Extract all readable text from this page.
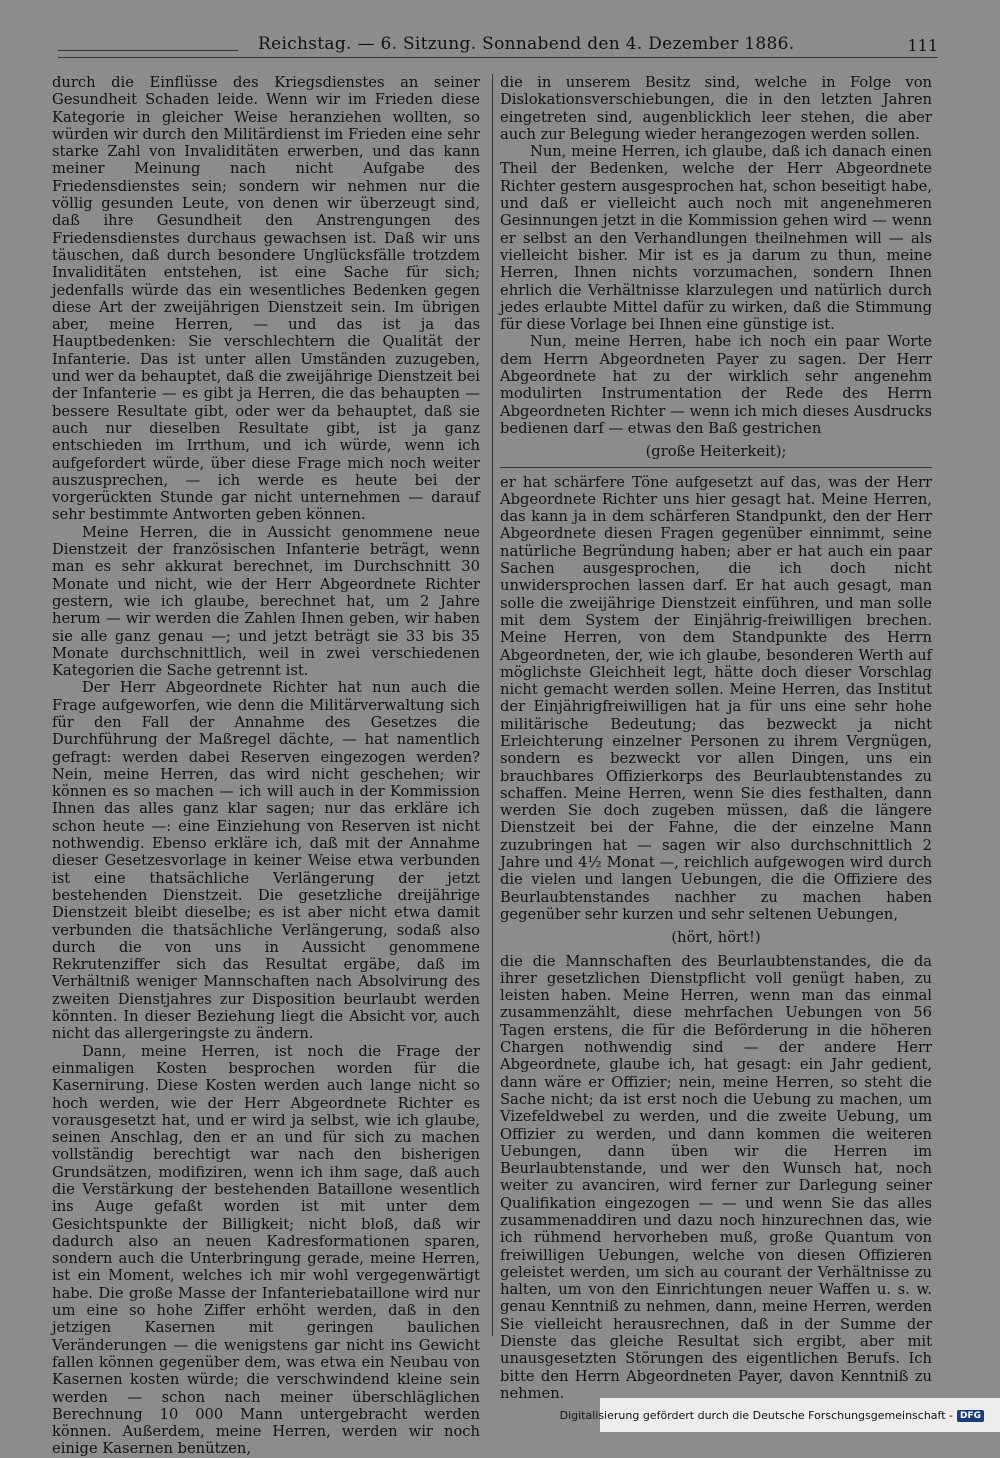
Reichstag. — 6. Sitzung. Sonnabend den 4. Dezember 1886.	111

durch die Einflüsse des Kriegsdienstes an seiner Gesundheit Schaden leide. Wenn wir im Frieden diese Kategorie in gleicher Weise heranziehen wollten, so würden wir durch den Militärdienst im Frieden eine sehr starke Zahl von Invaliditäten erwerben, und das kann meiner Meinung nach nicht Aufgabe des Friedensdienstes sein; sondern wir nehmen nur die völlig gesunden Leute, von denen wir überzeugt sind, daß ihre Gesundheit den Anstrengungen des Friedensdienstes durchaus gewachsen ist. Daß wir uns täuschen, daß durch besondere Unglücksfälle trotzdem Invaliditäten entstehen, ist eine Sache für sich; jedenfalls würde das ein wesentliches Bedenken gegen diese Art der zweijährigen Dienstzeit sein. Im übrigen aber, meine Herren, — und das ist ja das Hauptbedenken: Sie verschlechtern die Qualität der Infanterie. Das ist unter allen Umständen zuzugeben, und wer da behauptet, daß die zweijährige Dienstzeit bei der Infanterie — es gibt ja Herren, die das behaupten — bessere Resultate gibt, oder wer da behauptet, daß sie auch nur dieselben Resultate gibt, ist ja ganz entschieden im Irrthum, und ich würde, wenn ich aufgefordert würde, über diese Frage mich noch weiter auszusprechen, — ich werde es heute bei der vorgerückten Stunde gar nicht unternehmen — darauf sehr bestimmte Antworten geben können.

Meine Herren, die in Aussicht genommene neue Dienstzeit der französischen Infanterie beträgt, wenn man es sehr akkurat berechnet, im Durchschnitt 30 Monate und nicht, wie der Herr Abgeordnete Richter gestern, wie ich glaube, berechnet hat, um 2 Jahre herum — wir werden die Zahlen Ihnen geben, wir haben sie alle ganz genau —; und jetzt beträgt sie 33 bis 35 Monate durchschnittlich, weil in zwei verschiedenen Kategorien die Sache getrennt ist.

Der Herr Abgeordnete Richter hat nun auch die Frage aufgeworfen, wie denn die Militärverwaltung sich für den Fall der Annahme des Gesetzes die Durchführung der Maßregel dächte, — hat namentlich gefragt: werden dabei Reserven eingezogen werden? Nein, meine Herren, das wird nicht geschehen; wir können es so machen — ich will auch in der Kommission Ihnen das alles ganz klar sagen; nur das erkläre ich schon heute —: eine Einziehung von Reserven ist nicht nothwendig. Ebenso erkläre ich, daß mit der Annahme dieser Gesetzesvorlage in keiner Weise etwa verbunden ist eine thatsächliche Verlängerung der jetzt bestehenden Dienstzeit. Die gesetzliche dreijährige Dienstzeit bleibt dieselbe; es ist aber nicht etwa damit verbunden die thatsächliche Verlängerung, sodaß also durch die von uns in Aussicht genommene Rekrutenziffer sich das Resultat ergäbe, daß im Verhältniß weniger Mannschaften nach Absolvirung des zweiten Dienstjahres zur Disposition beurlaubt werden könnten. In dieser Beziehung liegt die Absicht vor, auch nicht das allergeringste zu ändern.

Dann, meine Herren, ist noch die Frage der einmaligen Kosten besprochen worden für die Kasernirung. Diese Kosten werden auch lange nicht so hoch werden, wie der Herr Abgeordnete Richter es vorausgesetzt hat, und er wird ja selbst, wie ich glaube, seinen Anschlag, den er an und für sich zu machen vollständig berechtigt war nach den bisherigen Grundsätzen, modifiziren, wenn ich ihm sage, daß auch die Verstärkung der bestehenden Bataillone wesentlich ins Auge gefaßt worden ist mit unter dem Gesichtspunkte der Billigkeit; nicht bloß, daß wir dadurch also an neuen Kadresformationen sparen, sondern auch die Unterbringung gerade, meine Herren, ist ein Moment, welches ich mir wohl vergegenwärtigt habe. Die große Masse der Infanteriebataillone wird nur um eine so hohe Ziffer erhöht werden, daß in den jetzigen Kasernen mit geringen baulichen Veränderungen — die wenigstens gar nicht ins Gewicht fallen können gegenüber dem, was etwa ein Neubau von Kasernen kosten würde; die verschwindend kleine sein werden — schon nach meiner überschläglichen Berechnung 10 000 Mann untergebracht werden können. Außerdem, meine Herren, werden wir noch einige Kasernen benützen,

die in unserem Besitz sind, welche in Folge von Dislokationsverschiebungen, die in den letzten Jahren eingetreten sind, augenblicklich leer stehen, die aber auch zur Belegung wieder herangezogen werden sollen.

Nun, meine Herren, ich glaube, daß ich danach einen Theil der Bedenken, welche der Herr Abgeordnete Richter gestern ausgesprochen hat, schon beseitigt habe, und daß er vielleicht auch noch mit angenehmeren Gesinnungen jetzt in die Kommission gehen wird — wenn er selbst an den Verhandlungen theilnehmen will — als vielleicht bisher. Mir ist es ja darum zu thun, meine Herren, Ihnen nichts vorzumachen, sondern Ihnen ehrlich die Verhältnisse klarzulegen und natürlich durch jedes erlaubte Mittel dafür zu wirken, daß die Stimmung für diese Vorlage bei Ihnen eine günstige ist.

Nun, meine Herren, habe ich noch ein paar Worte dem Herrn Abgeordneten Payer zu sagen. Der Herr Abgeordnete hat zu der wirklich sehr angenehm modulirten Instrumentation der Rede des Herrn Abgeordneten Richter — wenn ich mich dieses Ausdrucks bedienen darf — etwas den Baß gestrichen

(große Heiterkeit);

er hat schärfere Töne aufgesetzt auf das, was der Herr Abgeordnete Richter uns hier gesagt hat. Meine Herren, das kann ja in dem schärferen Standpunkt, den der Herr Abgeordnete diesen Fragen gegenüber einnimmt, seine natürliche Begründung haben; aber er hat auch ein paar Sachen ausgesprochen, die ich doch nicht unwidersprochen lassen darf. Er hat auch gesagt, man solle die zweijährige Dienstzeit einführen, und man solle mit dem System der Einjährig-freiwilligen brechen. Meine Herren, von dem Standpunkte des Herrn Abgeordneten, der, wie ich glaube, besonderen Werth auf möglichste Gleichheit legt, hätte doch dieser Vorschlag nicht gemacht werden sollen. Meine Herren, das Institut der Einjährigfreiwilligen hat ja für uns eine sehr hohe militärische Bedeutung; das bezweckt ja nicht Erleichterung einzelner Personen zu ihrem Vergnügen, sondern es bezweckt vor allen Dingen, uns ein brauchbares Offizierkorps des Beurlaubtenstandes zu schaffen. Meine Herren, wenn Sie dies festhalten, dann werden Sie doch zugeben müssen, daß die längere Dienstzeit bei der Fahne, die der einzelne Mann zuzubringen hat — sagen wir also durchschnittlich 2 Jahre und 4½ Monat —, reichlich aufgewogen wird durch die vielen und langen Uebungen, die die Offiziere des Beurlaubtenstandes nachher zu machen haben gegenüber sehr kurzen und sehr seltenen Uebungen,

(hört, hört!)

die die Mannschaften des Beurlaubtenstandes, die da ihrer gesetzlichen Dienstpflicht voll genügt haben, zu leisten haben. Meine Herren, wenn man das einmal zusammenzählt, diese mehrfachen Uebungen von 56 Tagen erstens, die für die Beförderung in die höheren Chargen nothwendig sind — der andere Herr Abgeordnete, glaube ich, hat gesagt: ein Jahr gedient, dann wäre er Offizier; nein, meine Herren, so steht die Sache nicht; da ist erst noch die Uebung zu machen, um Vizefeldwebel zu werden, und die zweite Uebung, um Offizier zu werden, und dann kommen die weiteren Uebungen, dann üben wir die Herren im Beurlaubtenstande, und wer den Wunsch hat, noch weiter zu avanciren, wird ferner zur Darlegung seiner Qualifikation eingezogen — — und wenn Sie das alles zusammenaddiren und dazu noch hinzurechnen das, wie ich rühmend hervorheben muß, große Quantum von freiwilligen Uebungen, welche von diesen Offizieren geleistet werden, um sich au courant der Verhältnisse zu halten, um von den Einrichtungen neuer Waffen u. s. w. genau Kenntniß zu nehmen, dann, meine Herren, werden Sie vielleicht herausrechnen, daß in der Summe der Dienste das gleiche Resultat sich ergibt, aber mit unausgesetzten Störungen des eigentlichen Berufs. Ich bitte den Herrn Abgeordneten Payer, davon Kenntniß zu nehmen.

Digitalisierung gefördert durch die Deutsche Forschungsgemeinschaft - DFG
